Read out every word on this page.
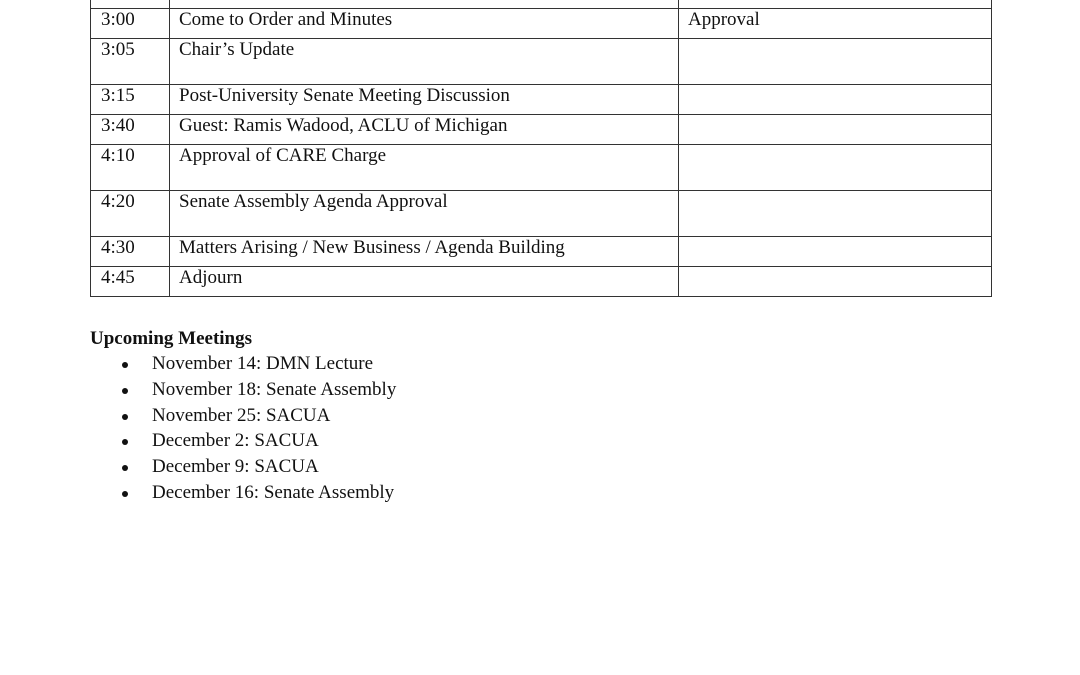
3:00	Come to Order and Minutes	Approval
3:05	Chair’s Update	
3:15	Post-University Senate Meeting Discussion	
3:40	Guest: Ramis Wadood, ACLU of Michigan	
4:10	Approval of CARE Charge	
4:20	Senate Assembly Agenda Approval	
4:30	Matters Arising / New Business / Agenda Building	
4:45	Adjourn	

Upcoming Meetings

November 14: DMN Lecture
November 18: Senate Assembly
November 25: SACUA
December 2: SACUA
December 9: SACUA
December 16: Senate Assembly
